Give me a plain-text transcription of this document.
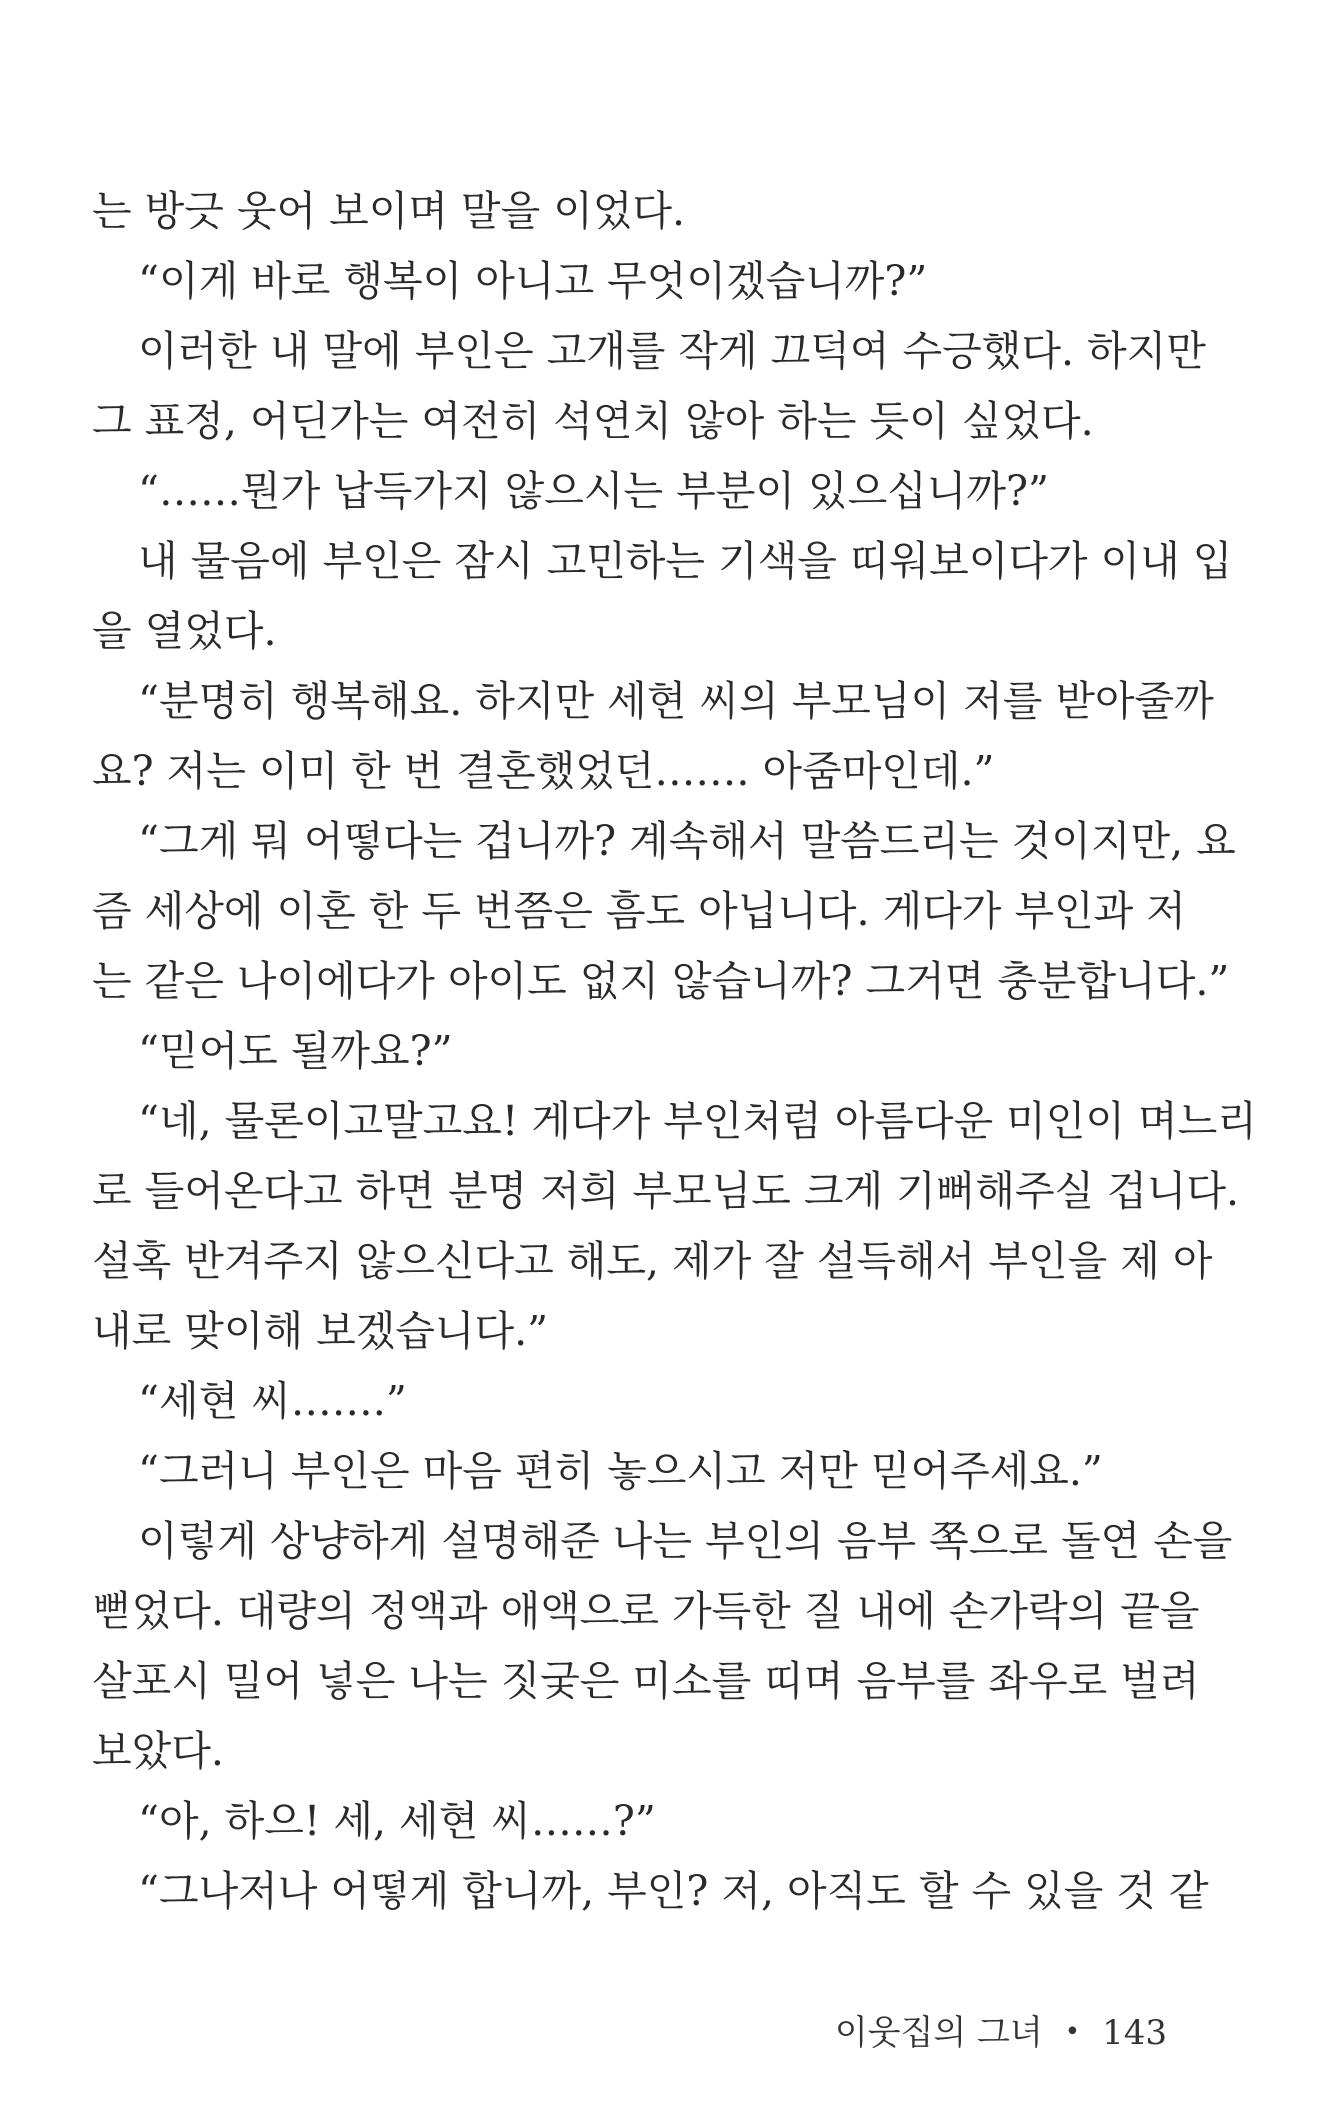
는 방긋 웃어 보이며 말을 이었다.
“이게 바로 행복이 아니고 무엇이겠습니까?”
이러한 내 말에 부인은 고개를 작게 끄덕여 수긍했다. 하지만
그 표정, 어딘가는 여전히 석연치 않아 하는 듯이 싶었다.
“……뭔가 납득가지 않으시는 부분이 있으십니까?”
내 물음에 부인은 잠시 고민하는 기색을 띠워보이다가 이내 입
을 열었다.
“분명히 행복해요. 하지만 세현 씨의 부모님이 저를 받아줄까
요? 저는 이미 한 번 결혼했었던……. 아줌마인데.”
“그게 뭐 어떻다는 겁니까? 계속해서 말씀드리는 것이지만, 요
즘 세상에 이혼 한 두 번쯤은 흠도 아닙니다. 게다가 부인과 저
는 같은 나이에다가 아이도 없지 않습니까? 그거면 충분합니다.”
“믿어도 될까요?”
“네, 물론이고말고요! 게다가 부인처럼 아름다운 미인이 며느리
로 들어온다고 하면 분명 저희 부모님도 크게 기뻐해주실 겁니다.
설혹 반겨주지 않으신다고 해도, 제가 잘 설득해서 부인을 제 아
내로 맞이해 보겠습니다.”
“세현 씨…….”
“그러니 부인은 마음 편히 놓으시고 저만 믿어주세요.”
이렇게 상냥하게 설명해준 나는 부인의 음부 쪽으로 돌연 손을
뻗었다. 대량의 정액과 애액으로 가득한 질 내에 손가락의 끝을
살포시 밀어 넣은 나는 짓궂은 미소를 띠며 음부를 좌우로 벌려
보았다.
“아, 하으! 세, 세현 씨……?”
“그나저나 어떻게 합니까, 부인? 저, 아직도 할 수 있을 것 같
이웃집의 그녀 • 143
